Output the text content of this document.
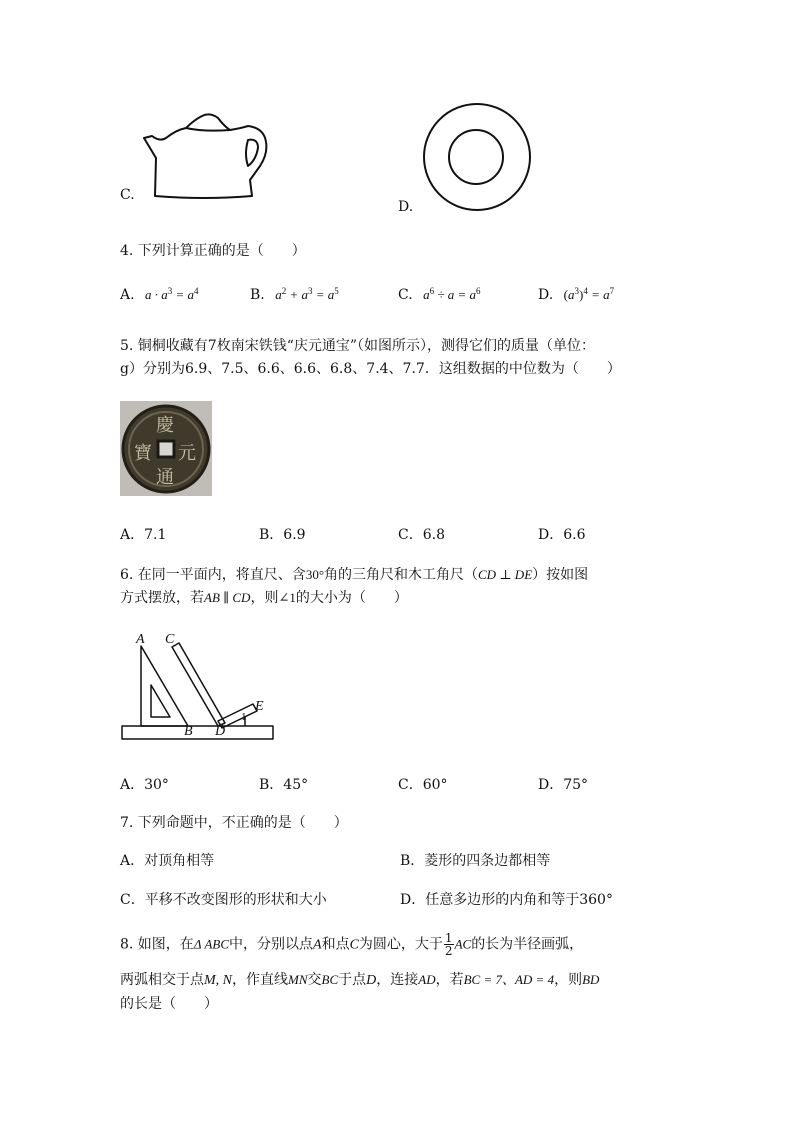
C.
D.
4. 下列计算正确的是（　　）
A. $a \cdot a^3 = a^4$	B. $a^2 + a^3 = a^5$	C. $a^6 \div a = a^6$	D. $(a^3)^4 = a^7$
5. 铜桐收藏有7枚南宋铁钱“庆元通宝”（如图所示），测得它们的质量（单位：
g）分别为6.9、7.5、6.6、6.6、6.8、7.4、7.7．这组数据的中位数为（　　）
慶
元
通
寶
A．7.1	B．6.9	C．6.8	D．6.6
6. 在同一平面内，将直尺、含30°角的三角尺和木工角尺（CD ⊥ DE）按如图
方式摆放，若AB ∥ CD，则∠1的大小为（　　）
A C
E
1
B D
A．30°	B．45°	C．60°	D．75°
7. 下列命题中，不正确的是（　　）
A．对顶角相等	B．菱形的四条边都相等
C．平移不改变图形的形状和大小	D．任意多边形的内角和等于360°
8. 如图，在Δ ABC中，分别以点A和点C为圆心，大于 $\frac{1}{2}$ AC的长为半径画弧，
两弧相交于点M, N，作直线MN交BC于点D，连接AD，若BC = 7、AD = 4，则BD
的长是（　　）
